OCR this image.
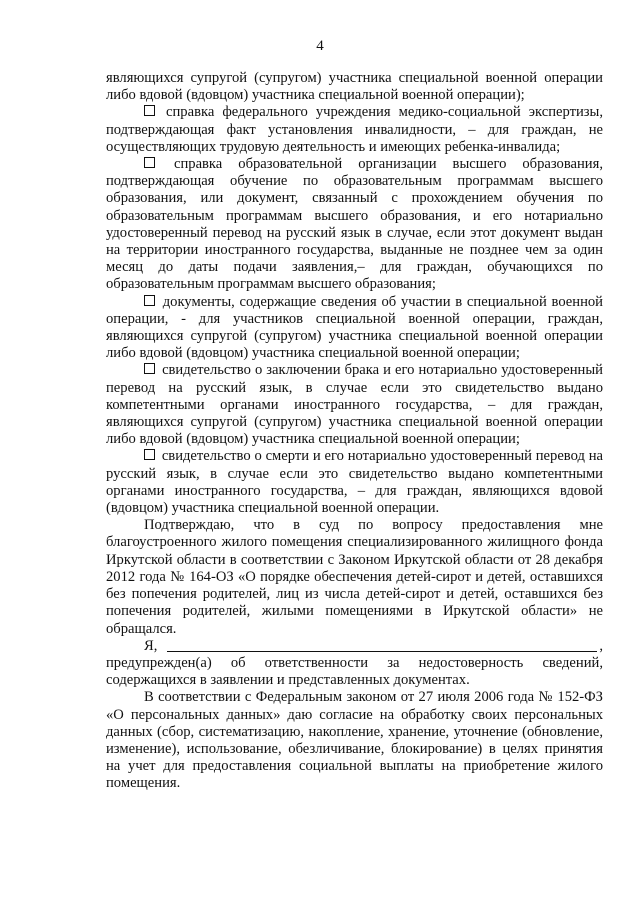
4

являющихся супругой (супругом) участника специальной военной операции либо вдовой (вдовцом) участника специальной военной операции);

справка федерального учреждения медико-социальной экспертизы, подтверждающая факт установления инвалидности, – для граждан, не осуществляющих трудовую деятельность и имеющих ребенка-инвалида;

справка образовательной организации высшего образования, подтверждающая обучение по образовательным программам высшего образования, или документ, связанный с прохождением обучения по образовательным программам высшего образования, и его нотариально удостоверенный перевод на русский язык в случае, если этот документ выдан на территории иностранного государства, выданные не позднее чем за один месяц до даты подачи заявления,– для граждан, обучающихся по образовательным программам высшего образования;

документы, содержащие сведения об участии в специальной военной операции, - для участников специальной военной операции, граждан, являющихся супругой (супругом) участника специальной военной операции либо вдовой (вдовцом) участника специальной военной операции;

свидетельство о заключении брака и его нотариально удостоверенный перевод на русский язык, в случае если это свидетельство выдано компетентными органами иностранного государства, – для граждан, являющихся супругой (супругом) участника специальной военной операции либо вдовой (вдовцом) участника специальной военной операции;

свидетельство о смерти и его нотариально удостоверенный перевод на русский язык, в случае если это свидетельство выдано компетентными органами иностранного государства, – для граждан, являющихся вдовой (вдовцом) участника специальной военной операции.

Подтверждаю, что в суд по вопросу предоставления мне благоустроенного жилого помещения специализированного жилищного фонда Иркутской области в соответствии с Законом Иркутской области от 28 декабря 2012 года № 164-ОЗ «О порядке обеспечения детей-сирот и детей, оставшихся без попечения родителей, лиц из числа детей-сирот и детей, оставшихся без попечения родителей, жилыми помещениями в Иркутской области» не обращался.

Я,	,

предупрежден(а) об ответственности за недостоверность сведений, содержащихся в заявлении и представленных документах.

В соответствии с Федеральным законом от 27 июля 2006 года № 152-ФЗ «О персональных данных» даю согласие на обработку своих персональных данных (сбор, систематизацию, накопление, хранение, уточнение (обновление, изменение), использование, обезличивание, блокирование) в целях принятия на учет для предоставления социальной выплаты на приобретение жилого помещения.
